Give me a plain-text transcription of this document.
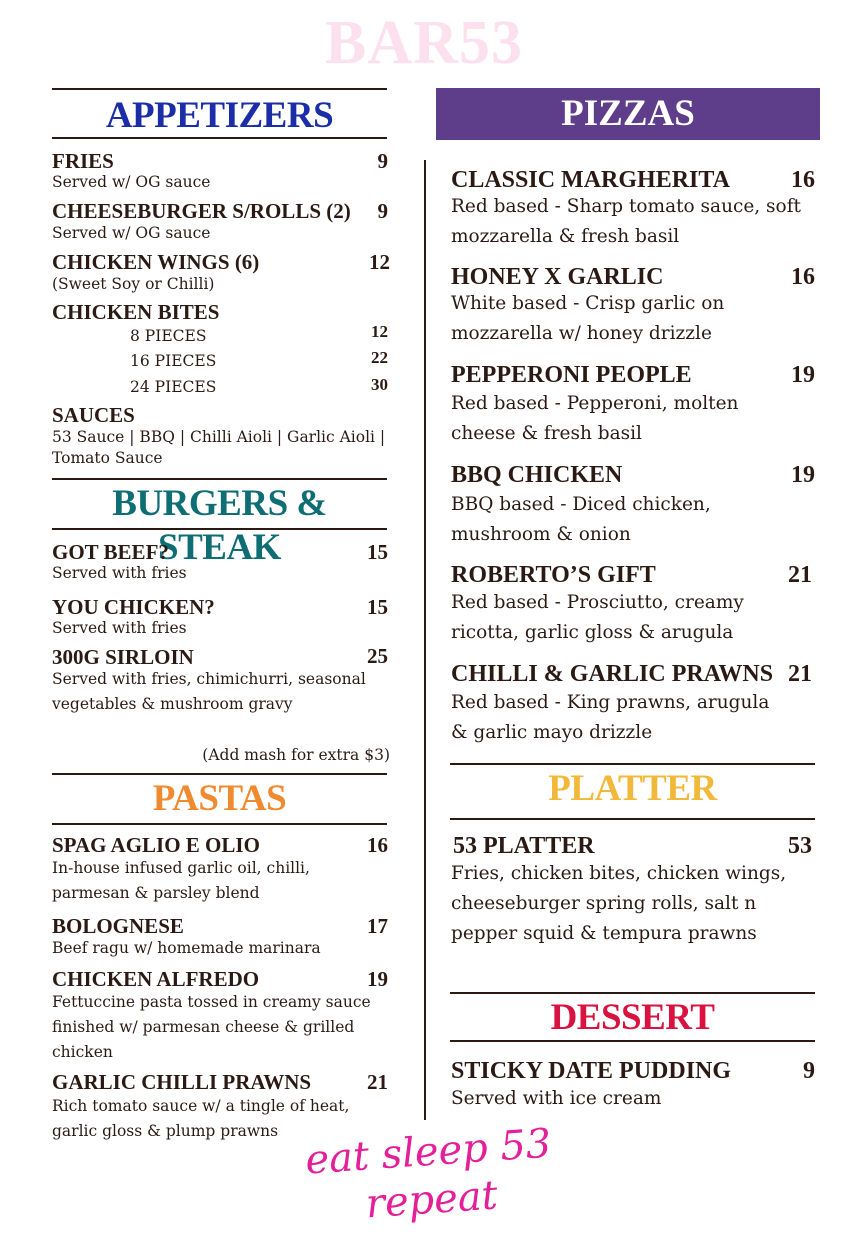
BAR53
APPETIZERS
FRIES	9
Served w/ OG sauce
CHEESEBURGER S/ROLLS (2)	9
Served w/ OG sauce
CHICKEN WINGS (6)	12
(Sweet Soy or Chilli)
CHICKEN BITES
8 PIECES	12
16 PIECES	22
24 PIECES	30
SAUCES
53 Sauce | BBQ | Chilli Aioli | Garlic Aioli | Tomato Sauce
BURGERS & STEAK
GOT BEEF?	15
Served with fries
YOU CHICKEN?	15
Served with fries
300G SIRLOIN	25
Served with fries, chimichurri, seasonal vegetables & mushroom gravy
(Add mash for extra $3)
PASTAS
SPAG AGLIO E OLIO	16
In-house infused garlic oil, chilli, parmesan & parsley blend
BOLOGNESE	17
Beef ragu w/ homemade marinara
CHICKEN ALFREDO	19
Fettuccine pasta tossed in creamy sauce finished w/ parmesan cheese & grilled chicken
GARLIC CHILLI PRAWNS	21
Rich tomato sauce w/ a tingle of heat, garlic gloss & plump prawns
PIZZAS
CLASSIC MARGHERITA	16
Red based - Sharp tomato sauce, soft mozzarella & fresh basil
HONEY X GARLIC	16
White based - Crisp garlic on mozzarella w/ honey drizzle
PEPPERONI PEOPLE	19
Red based - Pepperoni, molten cheese & fresh basil
BBQ CHICKEN	19
BBQ based - Diced chicken, mushroom & onion
ROBERTO’S GIFT	21
Red based - Prosciutto, creamy ricotta, garlic gloss & arugula
CHILLI & GARLIC PRAWNS 21
Red based - King prawns, arugula & garlic mayo drizzle
PLATTER
53 PLATTER	53
Fries, chicken bites, chicken wings, cheeseburger spring rolls, salt n pepper squid & tempura prawns
DESSERT
STICKY DATE PUDDING	9
Served with ice cream
eat sleep 53 repeat
